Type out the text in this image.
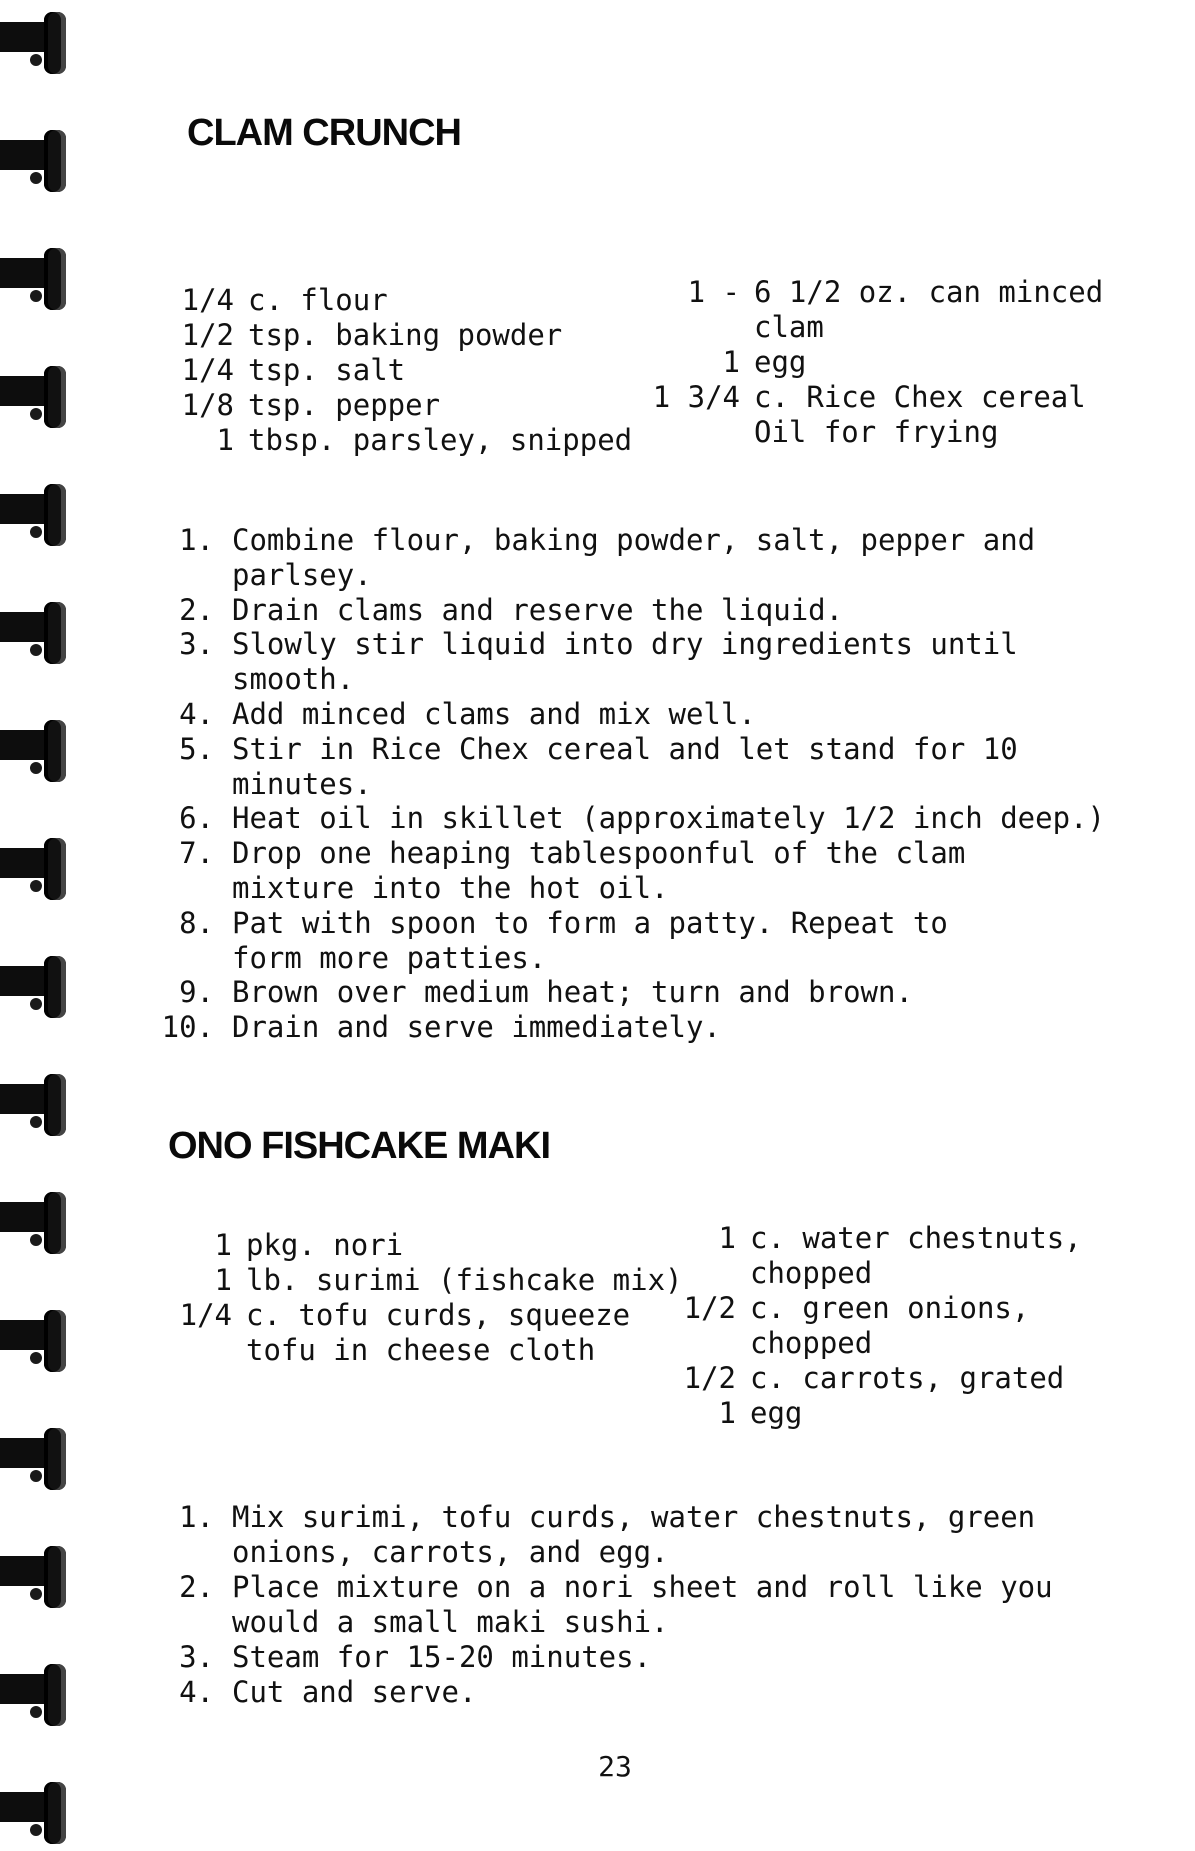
CLAM CRUNCH
1/4 c. flour
1/2 tsp. baking powder
1/4 tsp. salt
1/8 tsp. pepper
1 tbsp. parsley, snipped
1 - 6 1/2 oz. can minced
clam
1 egg
1 3/4 c. Rice Chex cereal
Oil for frying
1. Combine flour, baking powder, salt, pepper and
parlsey.
2. Drain clams and reserve the liquid.
3. Slowly stir liquid into dry ingredients until
smooth.
4. Add minced clams and mix well.
5. Stir in Rice Chex cereal and let stand for 10
minutes.
6. Heat oil in skillet (approximately 1/2 inch deep.)
7. Drop one heaping tablespoonful of the clam
mixture into the hot oil.
8. Pat with spoon to form a patty. Repeat to
form more patties.
9. Brown over medium heat; turn and brown.
10. Drain and serve immediately.
ONO FISHCAKE MAKI
1 pkg. nori
1 lb. surimi (fishcake mix)
1/4 c. tofu curds, squeeze
tofu in cheese cloth
1 c. water chestnuts,
chopped
1/2 c. green onions,
chopped
1/2 c. carrots, grated
1 egg
1. Mix surimi, tofu curds, water chestnuts, green
onions, carrots, and egg.
2. Place mixture on a nori sheet and roll like you
would a small maki sushi.
3. Steam for 15-20 minutes.
4. Cut and serve.
23
